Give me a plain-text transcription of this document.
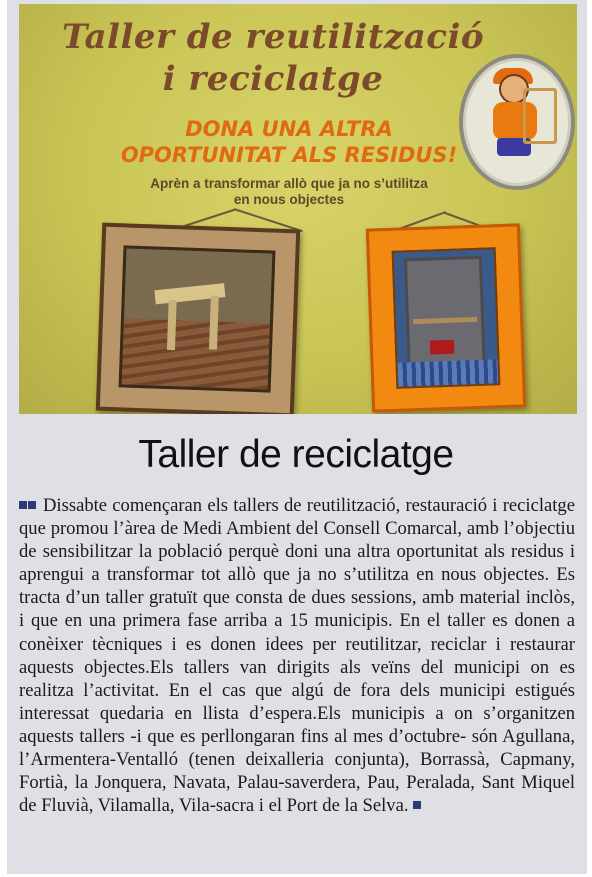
Taller de reutilització
i reciclatge
DONA UNA ALTRA
OPORTUNITAT ALS RESIDUS!
Aprèn a transformar allò que ja no s’utilitza
en nous objectes
Taller de reciclatge
Dissabte començaran els tallers de reutilització, restauració i reciclatge que promou l’àrea de Medi Ambient del Consell Comarcal, amb l’objectiu de sensibilitzar la població perquè doni una altra oportunitat als residus i aprengui a transformar tot allò que ja no s’utilitza en nous objectes. Es tracta d’un taller gratuït que consta de dues sessions, amb material inclòs, i que en una primera fase arriba a 15 municipis. En el taller es donen a conèixer tècniques i es donen idees per reutilitzar, reciclar i restaurar aquests objectes.Els tallers van dirigits als veïns del municipi on es realitza l’activitat. En el cas que algú de fora dels municipi estigués interessat quedaria en llista d’espera.Els municipis a on s’organitzen aquests tallers -i que es perllongaran fins al mes d’octubre- són Agullana, l’Armentera-Ventalló (tenen deixalleria conjunta), Borrassà, Capmany, Fortià, la Jonquera, Navata, Palau-saverdera, Pau, Peralada, Sant Miquel de Fluvià, Vilamalla, Vila-sacra i el Port de la Selva.
